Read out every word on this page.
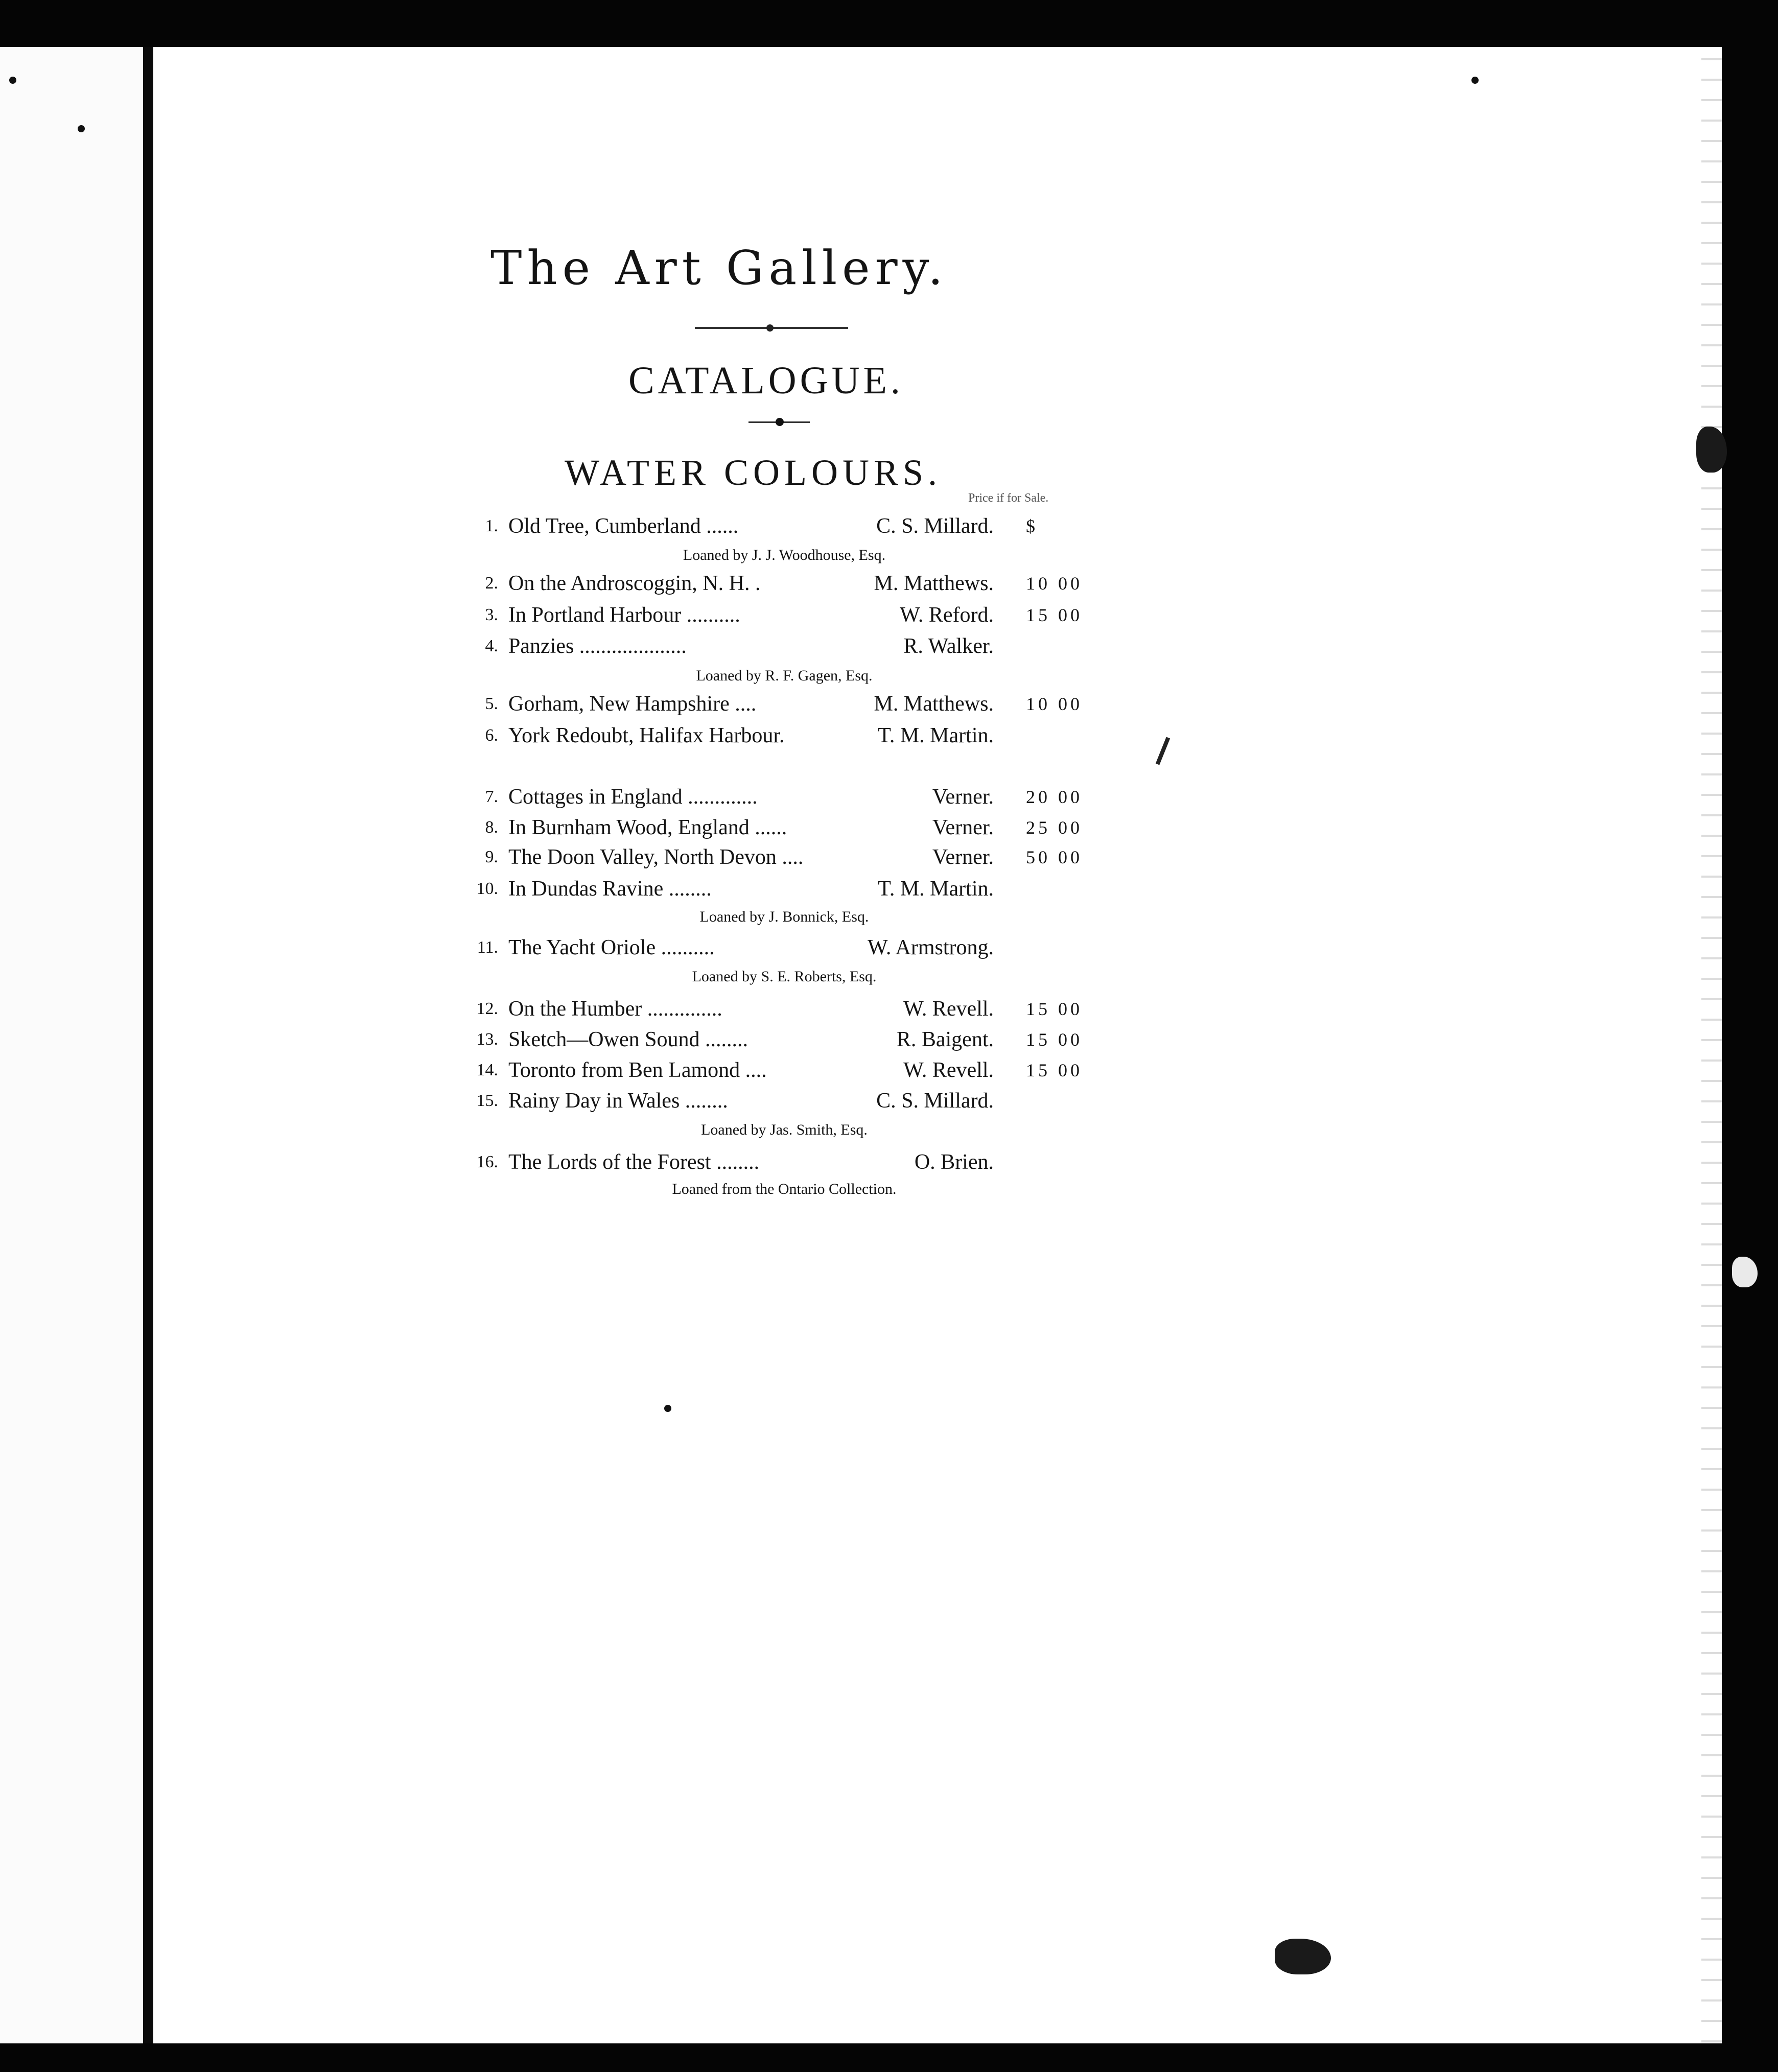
The Art Gallery.
CATALOGUE.
WATER COLOURS.
Price if for Sale.
1. Old Tree, Cumberland ......	C. S. Millard. $
Loaned by J. J. Woodhouse, Esq.
2. On the Androscoggin, N. H. .	M. Matthews. 10 00
3. In Portland Harbour ..........	W. Reford. 15 00
4. Panzies ....................	R. Walker.
Loaned by R. F. Gagen, Esq.
5. Gorham, New Hampshire ....	M. Matthews. 10 00
6. York Redoubt, Halifax Harbour.	T. M. Martin.
7. Cottages in England .............	Verner. 20 00
8. In Burnham Wood, England ......	Verner. 25 00
9. The Doon Valley, North Devon ....	Verner. 50 00
10. In Dundas Ravine ........	T. M. Martin.
Loaned by J. Bonnick, Esq.
11. The Yacht Oriole ..........	W. Armstrong.
Loaned by S. E. Roberts, Esq.
12. On the Humber ..............	W. Revell. 15 00
13. Sketch—Owen Sound ........	R. Baigent. 15 00
14. Toronto from Ben Lamond ....	W. Revell. 15 00
15. Rainy Day in Wales ........	C. S. Millard.
Loaned by Jas. Smith, Esq.
16. The Lords of the Forest ........	O. Brien.
Loaned from the Ontario Collection.
